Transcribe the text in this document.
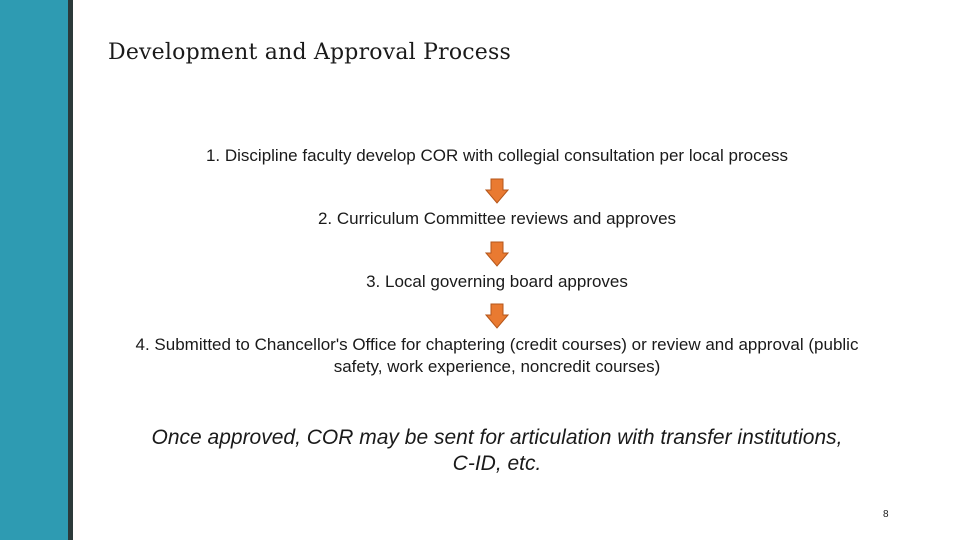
Development and Approval Process
1. Discipline faculty develop COR with collegial consultation per local process
2. Curriculum Committee reviews and approves
3. Local governing board approves
4. Submitted to Chancellor's Office for chaptering (credit courses) or review and approval (public safety, work experience, noncredit courses)
Once approved, COR may be sent for articulation with transfer institutions, C-ID, etc.
8
